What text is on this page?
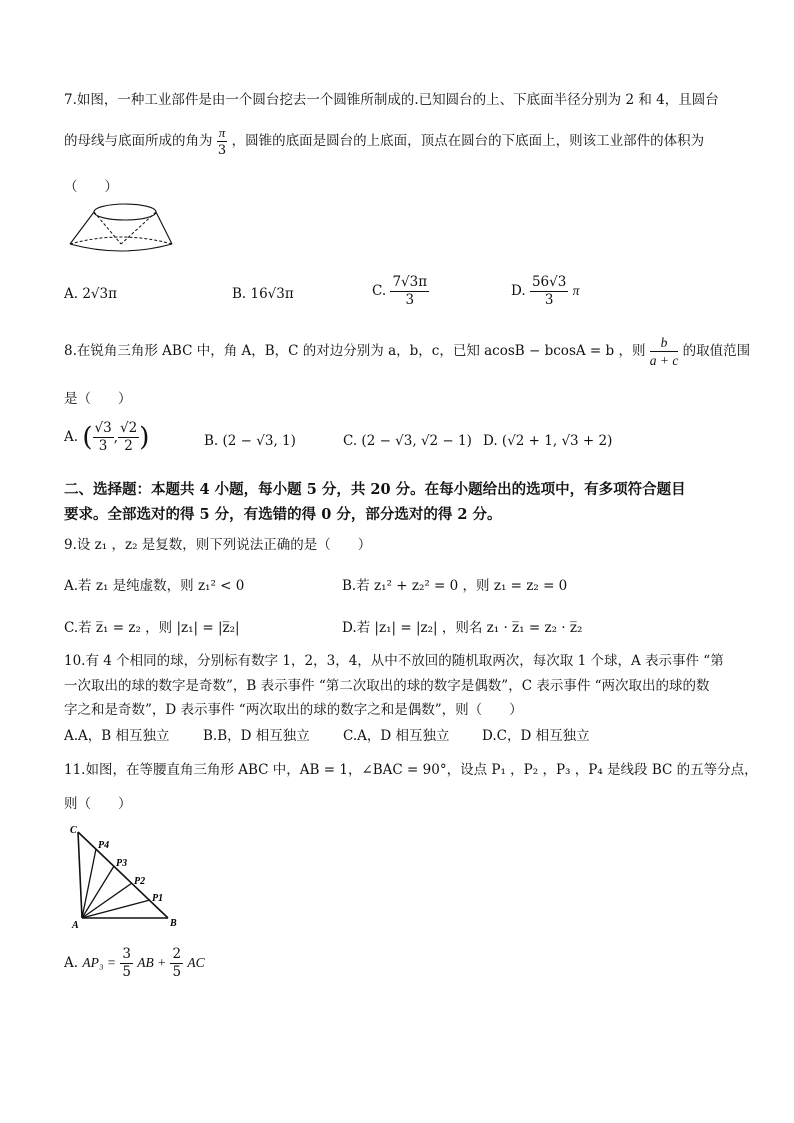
7.如图，一种工业部件是由一个圆台挖去一个圆锥所制成的.已知圆台的上、下底面半径分别为 2 和 4，且圆台
的母线与底面所成的角为 $\frac{\pi}{3}$ ，圆锥的底面是圆台的上底面，顶点在圆台的下底面上，则该工业部件的体积为
（　　）
A. 2√3π	B. 16√3π	C. $\frac{7√3\pi}{3}$	D. $\frac{56√3}{3}$ π
8.在锐角三角形 ABC 中，角 A，B，C 的对边分别为 a，b，c，已知 acosB − bcosA = b ，则 $\frac{b}{a + c}$ 的取值范围
是（　　）
A. ( $\frac{√3}{3}$ , $\frac{√2}{2}$ )	B. (2 − √3, 1)	C. (2 − √3, √2 − 1) D. (√2 + 1, √3 + 2)
二、选择题：本题共 4 小题，每小题 5 分，共 20 分。在每小题给出的选项中，有多项符合题目
要求。全部选对的得 5 分，有选错的得 0 分，部分选对的得 2 分。
9.设 z₁ ，z₂ 是复数，则下列说法正确的是（　　）
A.若 z₁ 是纯虚数，则 z₁² < 0	B.若 z₁² + z₂² = 0 ，则 z₁ = z₂ = 0
C.若 z̅₁ = z₂ ，则 |z₁| = |z̅₂|	D.若 |z₁| = |z₂| ，则名 z₁ · z̅₁ = z₂ · z̅₂
10.有 4 个相同的球，分别标有数字 1，2，3，4，从中不放回的随机取两次，每次取 1 个球，A 表示事件 “第
一次取出的球的数字是奇数”，B 表示事件 “第二次取出的球的数字是偶数”，C 表示事件 “两次取出的球的数
字之和是奇数”，D 表示事件 “两次取出的球的数字之和是偶数”，则（　　）
A.A，B 相互独立 B.B，D 相互独立 C.A，D 相互独立 D.C，D 相互独立
11.如图，在等腰直角三角形 ABC 中，AB = 1，∠BAC = 90°，设点 P₁ ，P₂ ，P₃ ，P₄ 是线段 BC 的五等分点，
则（　　）
C
P4
P3
P2
P1
A	B
A. $AP_3 = \frac{3}{5}$ AB + $\frac{2}{5}$ AC
